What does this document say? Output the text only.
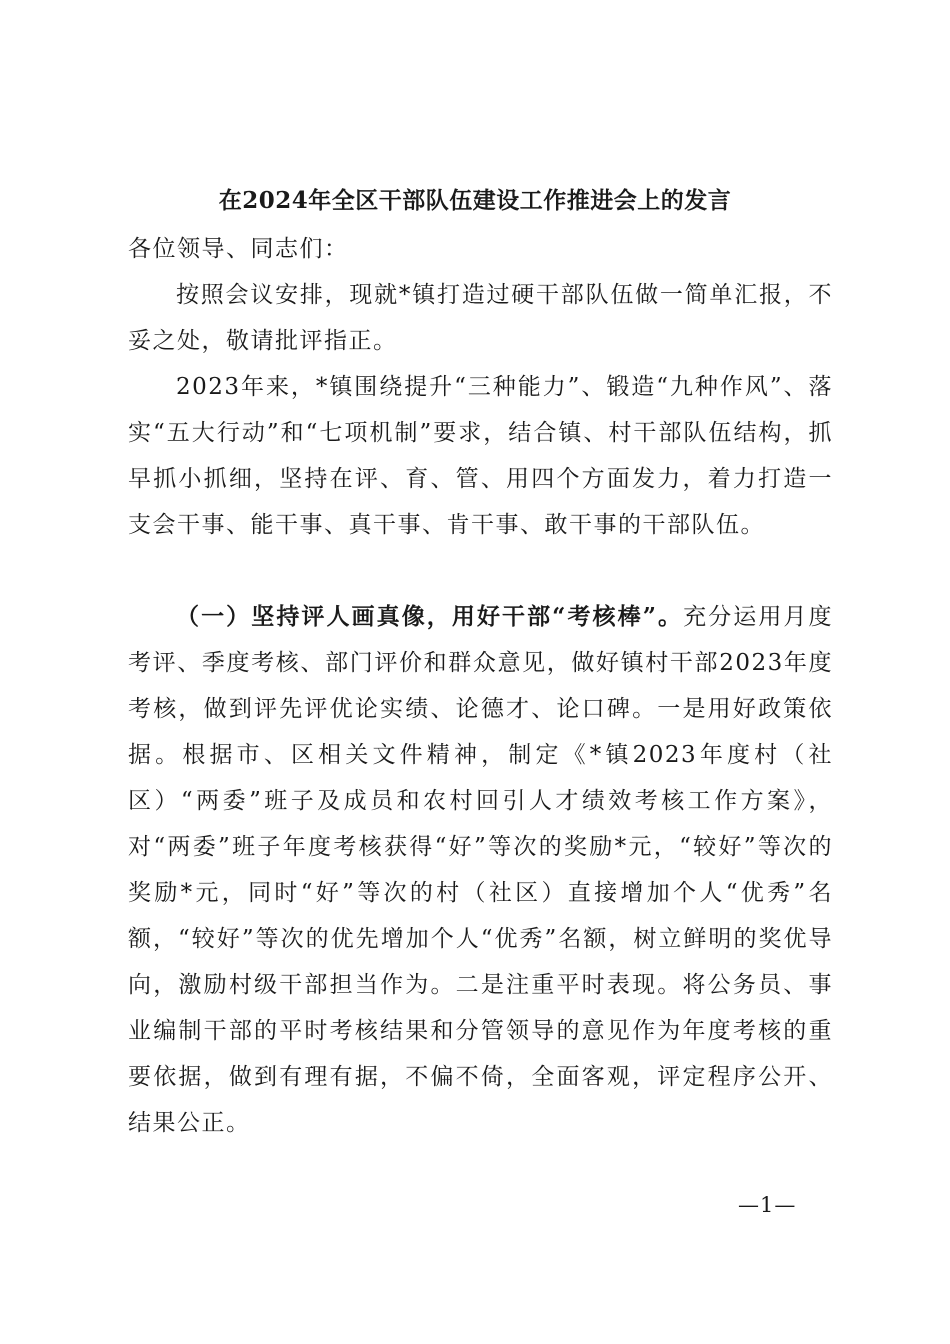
在2024年全区干部队伍建设工作推进会上的发言
各位领导、同志们：
按照会议安排，现就*镇打造过硬干部队伍做一简单汇报，不妥之处，敬请批评指正。
2023年来，*镇围绕提升“三种能力”、锻造“九种作风”、落实“五大行动”和“七项机制”要求，结合镇、村干部队伍结构，抓早抓小抓细，坚持在评、育、管、用四个方面发力，着力打造一支会干事、能干事、真干事、肯干事、敢干事的干部队伍。
（一）坚持评人画真像，用好干部“考核棒”。充分运用月度考评、季度考核、部门评价和群众意见，做好镇村干部2023年度考核，做到评先评优论实绩、论德才、论口碑。一是用好政策依据。根据市、区相关文件精神，制定《*镇2023年度村（社区）“两委”班子及成员和农村回引人才绩效考核工作方案》，对“两委”班子年度考核获得“好”等次的奖励*元，“较好”等次的奖励*元，同时“好”等次的村（社区）直接增加个人“优秀”名额，“较好”等次的优先增加个人“优秀”名额，树立鲜明的奖优导向，激励村级干部担当作为。二是注重平时表现。将公务员、事业编制干部的平时考核结果和分管领导的意见作为年度考核的重要依据，做到有理有据，不偏不倚，全面客观，评定程序公开、结果公正。
—1—
